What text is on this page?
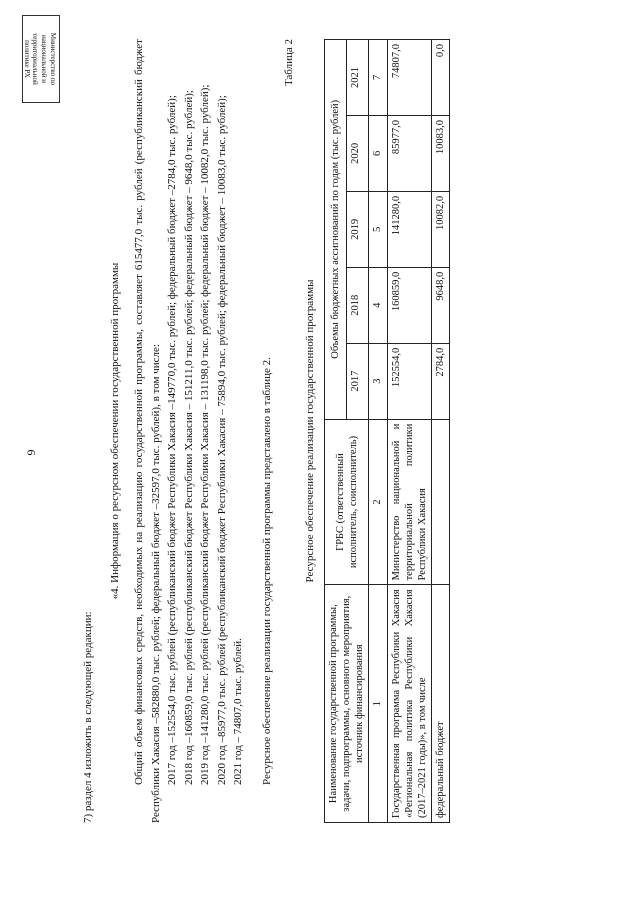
9
Министерство по
национальной и
территориальной
политике РХ

7) раздел 4 изложить в следующей редакции:

«4. Информация о ресурсном обеспечении государственной программы Общий объем финансовых средств, необходимых на реализацию государственной программы, составляет 615477,0 тыс. рублей (республиканский бюджет Республики Хакасия –582880,0 тыс. рублей; федеральный бюджет –32597,0 тыс. рублей), в том числе: 2017 год –152554,0 тыс. рублей (республиканский бюджет Республики Хакасия –149770,0 тыс. рублей; федеральный бюджет –2784,0 тыс. рублей); 2018 год –160859,0 тыс. рублей (республиканский бюджет Республики Хакасия – 151211,0 тыс. рублей; федеральный бюджет – 9648,0 тыс. рублей); 2019 год –141280,0 тыс. рублей (республиканский бюджет Республики Хакасия – 131198,0 тыс. рублей; федеральный бюджет – 10082,0 тыс. рублей); 2020 год –85977,0 тыс. рублей (республиканский бюджет Республики Хакасия – 75894,0 тыс. рублей; федеральный бюджет – 10083,0 тыс. рублей); 2021 год – 74807,0 тыс. рублей. Ресурсное обеспечение реализации государственной программы представлено в таблице 2.

Таблица 2

Ресурсное обеспечение реализации государственной программы

Наименование государственной программы, задачи, подпрограммы, основного мероприятия, источник финансирования	ГРБС (ответственный исполнитель, соисполнитель)	Объемы бюджетных ассигнований по годам (тыс. рублей)				
		2017	2018	2019	2020	2021
1	2	3	4	5	6	7
Государственная программа Республики Хакасия «Региональная политика Республики Хакасия (2017–2021 годы)», в том числе	Министерство национальной и территориальной политики Республики Хакасия	152554,0	160859,0	141280,0	85977,0	74807,0
федеральный бюджет		2784,0	9648,0	10082,0	10083,0	0,0
